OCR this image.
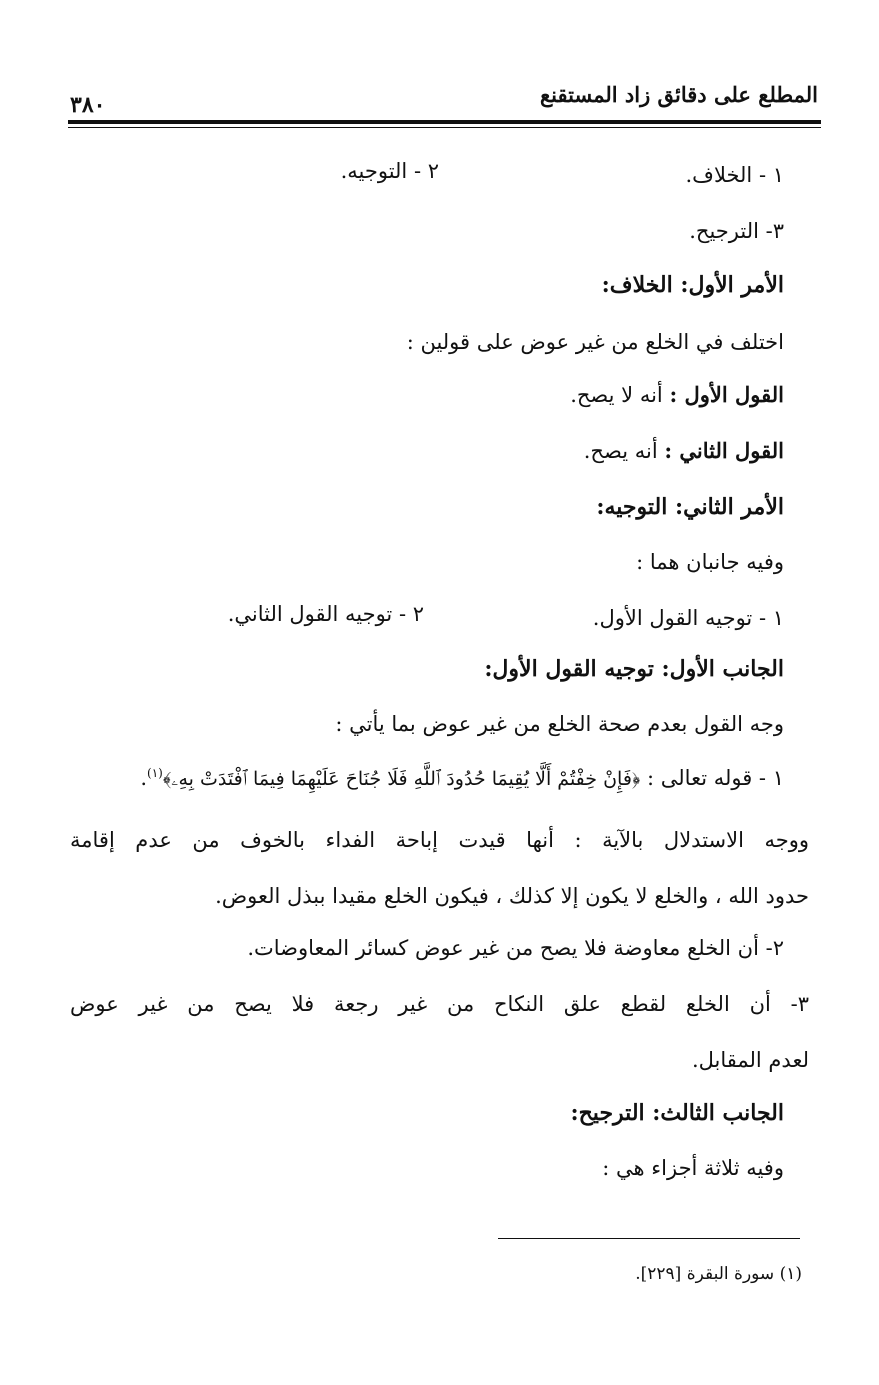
المطلع على دقائق زاد المستقنع
٣٨٠
١ - الخلاف.
٢ - التوجيه.
٣- الترجيح.
الأمر الأول: الخلاف:
اختلف في الخلع من غير عوض على قولين :
القول الأول : أنه لا يصح.
القول الثاني : أنه يصح.
الأمر الثاني: التوجيه:
وفيه جانبان هما :
١ - توجيه القول الأول.
٢ - توجيه القول الثاني.
الجانب الأول: توجيه القول الأول:
وجه القول بعدم صحة الخلع من غير عوض بما يأتي :
١ - قوله تعالى : ﴿فَإِنْ خِفْتُمْ أَلَّا يُقِيمَا حُدُودَ ٱللَّهِ فَلَا جُنَاحَ عَلَيْهِمَا فِيمَا ٱفْتَدَتْ بِهِۦ﴾$^{(١)}$.
ووجه الاستدلال بالآية : أنها قيدت إباحة الفداء بالخوف من عدم إقامة
حدود الله ، والخلع لا يكون إلا كذلك ، فيكون الخلع مقيدا ببذل العوض.
٢- أن الخلع معاوضة فلا يصح من غير عوض كسائر المعاوضات.
٣- أن الخلع لقطع علق النكاح من غير رجعة فلا يصح من غير عوض
لعدم المقابل.
الجانب الثالث: الترجيح:
وفيه ثلاثة أجزاء هي :
(١) سورة البقرة [٢٢٩].
